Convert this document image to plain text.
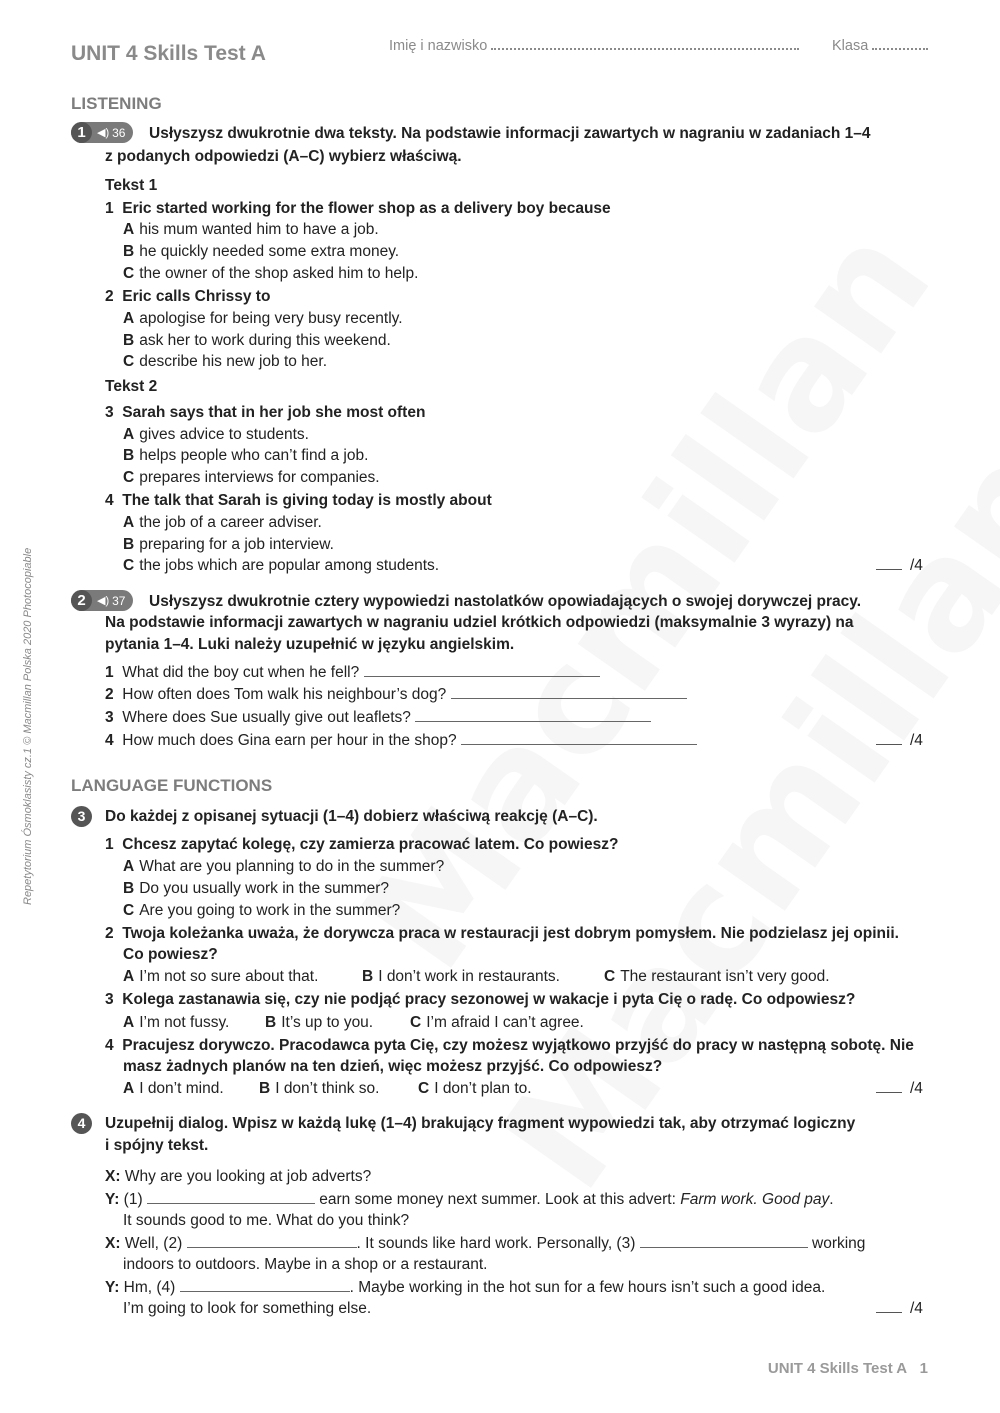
Repetytorium Ósmoklasisty cz.1 © Macmillan Polska 2020 Photocopiable
UNIT 4 Skills Test A	Imię i nazwisko	Klasa
LISTENING
1	◀︎) 36 Usłyszysz dwukrotnie dwa teksty. Na podstawie informacji zawartych w nagraniu w zadaniach 1–4
z podanych odpowiedzi (A–C) wybierz właściwą.
Tekst 1
1 Eric started working for the flower shop as a delivery boy because
A his mum wanted him to have a job.
B he quickly needed some extra money.
C the owner of the shop asked him to help.
2 Eric calls Chrissy to
A apologise for being very busy recently.
B ask her to work during this weekend.
C describe his new job to her.
Tekst 2
3 Sarah says that in her job she most often
A gives advice to students.
B helps people who can’t find a job.
C prepares interviews for companies.
4 The talk that Sarah is giving today is mostly about
A the job of a career adviser.
B preparing for a job interview.
C the jobs which are popular among students.	/4
2	◀︎) 37 Usłyszysz dwukrotnie cztery wypowiedzi nastolatków opowiadających o swojej dorywczej pracy.
Na podstawie informacji zawartych w nagraniu udziel krótkich odpowiedzi (maksymalnie 3 wyrazy) na
pytania 1–4. Luki należy uzupełnić w języku angielskim.
1 What did the boy cut when he fell?
2 How often does Tom walk his neighbour’s dog?
3 Where does Sue usually give out leaflets?
4 How much does Gina earn per hour in the shop?	/4
LANGUAGE FUNCTIONS
3	Do każdej z opisanej sytuacji (1–4) dobierz właściwą reakcję (A–C).
1 Chcesz zapytać kolegę, czy zamierza pracować latem. Co powiesz?
A What are you planning to do in the summer?
B Do you usually work in the summer?
C Are you going to work in the summer?
2 Twoja koleżanka uważa, że dorywcza praca w restauracji jest dobrym pomysłem. Nie podzielasz jej opinii.
Co powiesz?
A I’m not so sure about that.	B I don’t work in restaurants.	C The restaurant isn’t very good.
3 Kolega zastanawia się, czy nie podjąć pracy sezonowej w wakacje i pyta Cię o radę. Co odpowiesz?
A I’m not fussy. B It’s up to you. C I’m afraid I can’t agree.
4 Pracujesz dorywczo. Pracodawca pyta Cię, czy możesz wyjątkowo przyjść do pracy w następną sobotę. Nie
masz żadnych planów na ten dzień, więc możesz przyjść. Co odpowiesz?
A I don’t mind. B I don’t think so. C I don’t plan to.	/4
4	Uzupełnij dialog. Wpisz w każdą lukę (1–4) brakujący fragment wypowiedzi tak, aby otrzymać logiczny
i spójny tekst.
X: Why are you looking at job adverts?
Y: (1)	earn some money next summer. Look at this advert: Farm work. Good pay.
It sounds good to me. What do you think?
X: Well, (2)	. It sounds like hard work. Personally, (3)	working
indoors to outdoors. Maybe in a shop or a restaurant.
Y: Hm, (4)	. Maybe working in the hot sun for a few hours isn’t such a good idea.
I’m going to look for something else.	/4
UNIT 4 Skills Test A 1
